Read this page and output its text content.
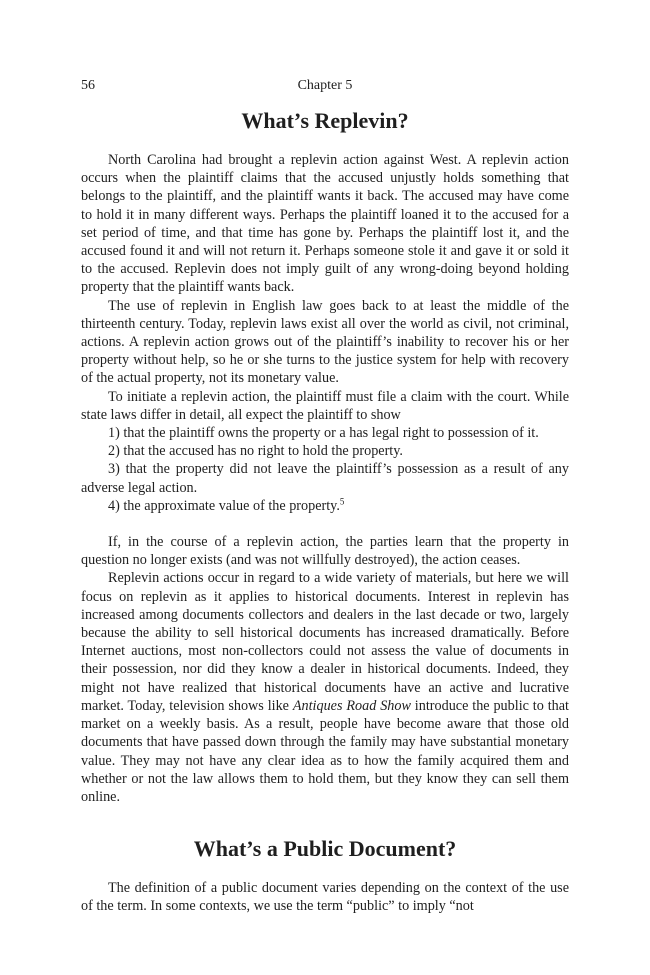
56	Chapter 5
What’s Replevin?

North Carolina had brought a replevin action against West. A replevin action occurs when the plaintiff claims that the accused unjustly holds something that belongs to the plaintiff, and the plaintiff wants it back. The accused may have come to hold it in many different ways. Perhaps the plaintiff loaned it to the accused for a set period of time, and that time has gone by. Perhaps the plaintiff lost it, and the accused found it and will not return it. Perhaps someone stole it and gave it or sold it to the accused. Replevin does not imply guilt of any wrong-doing beyond holding property that the plaintiff wants back.

The use of replevin in English law goes back to at least the middle of the thirteenth century. Today, replevin laws exist all over the world as civil, not criminal, actions. A replevin action grows out of the plaintiff’s inability to recover his or her property without help, so he or she turns to the justice system for help with recovery of the actual property, not its monetary value.

To initiate a replevin action, the plaintiff must file a claim with the court. While state laws differ in detail, all expect the plaintiff to show

1) that the plaintiff owns the property or a has legal right to possession of it.

2) that the accused has no right to hold the property.

3) that the property did not leave the plaintiff’s possession as a result of any adverse legal action.

4) the approximate value of the property.$^5$

If, in the course of a replevin action, the parties learn that the property in question no longer exists (and was not willfully destroyed), the action ceases.

Replevin actions occur in regard to a wide variety of materials, but here we will focus on replevin as it applies to historical documents. Interest in replevin has increased among documents collectors and dealers in the last decade or two, largely because the ability to sell historical documents has increased dramatically. Before Internet auctions, most non-collectors could not assess the value of documents in their possession, nor did they know a dealer in historical documents. Indeed, they might not have realized that historical documents have an active and lucrative market. Today, television shows like Antiques Road Show introduce the public to that market on a weekly basis. As a result, people have become aware that those old documents that have passed down through the family may have substantial monetary value. They may not have any clear idea as to how the family acquired them and whether or not the law allows them to hold them, but they know they can sell them online.

What’s a Public Document?

The definition of a public document varies depending on the context of the use of the term. In some contexts, we use the term “public” to imply “not
